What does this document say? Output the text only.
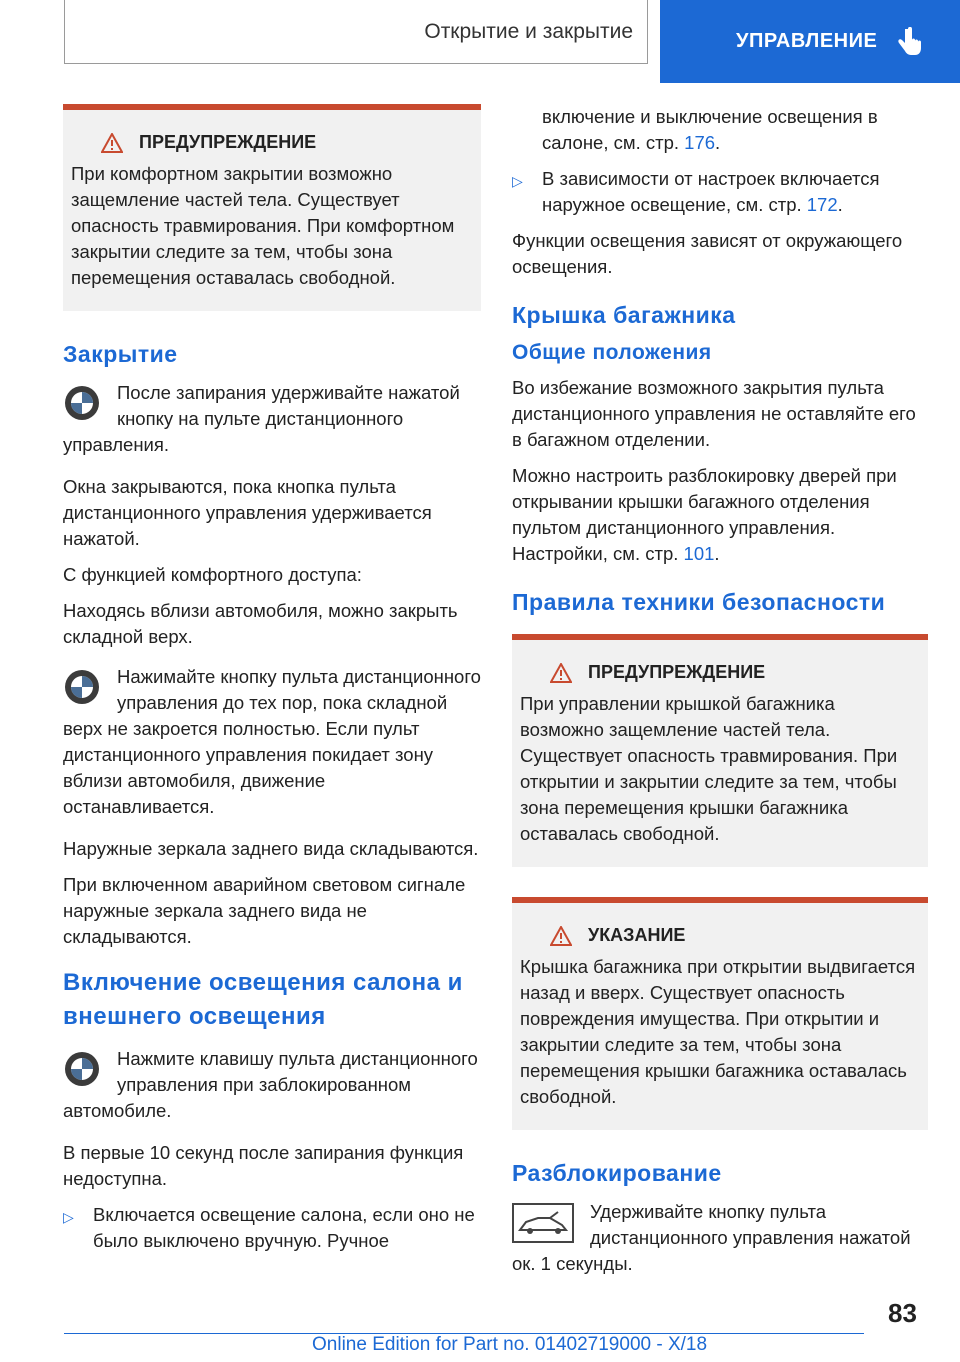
Открытие и закрытие	УПРАВЛЕНИЕ
ПРЕДУПРЕЖДЕНИЕ

При комфортном закрытии возможно защемление частей тела. Существует опасность травмирования. При комфортном закрытии следите за тем, чтобы зона перемещения оставалась свободной.

Закрытие

После запирания удерживайте нажатой кнопку на пульте дистанционного управления.

Окна закрываются, пока кнопка пульта дистанционного управления удерживается нажатой.

С функцией комфортного доступа:

Находясь вблизи автомобиля, можно закрыть складной верх.

Нажимайте кнопку пульта дистанционного управления до тех пор, пока складной верх не закроется полностью. Если пульт дистанционного управления покидает зону вблизи автомобиля, движение останавливается.

Наружные зеркала заднего вида складываются.

При включенном аварийном световом сигнале наружные зеркала заднего вида не складываются.

Включение освещения салона и внешнего освещения

Нажмите клавишу пульта дистанционного управления при заблокированном автомобиле.

В первые 10 секунд после запирания функция недоступна.

▷	Включается освещение салона, если оно не было выключено вручную. Ручное
включение и выключение освещения в салоне, см. стр. 176.
▷	В зависимости от настроек включается наружное освещение, см. стр. 172.

Функции освещения зависят от окружающего освещения.

Крышка багажника
Общие положения

Во избежание возможного закрытия пульта дистанционного управления не оставляйте его в багажном отделении.

Можно настроить разблокировку дверей при открывании крышки багажного отделения пультом дистанционного управления. Настройки, см. стр. 101.

Правила техники безопасности
ПРЕДУПРЕЖДЕНИЕ

При управлении крышкой багажника возможно защемление частей тела. Существует опасность травмирования. При открытии и закрытии следите за тем, чтобы зона перемещения крышки багажника оставалась свободной.

УКАЗАНИЕ

Крышка багажника при открытии выдвигается назад и вверх. Существует опасность повреждения имущества. При открытии и закрытии следите за тем, чтобы зона перемещения крышки багажника оставалась свободной.

Разблокирование

Удерживайте кнопку пульта дистанционного управления нажатой ок. 1 секунды.

83
Online Edition for Part no. 01402719000 - X/18
